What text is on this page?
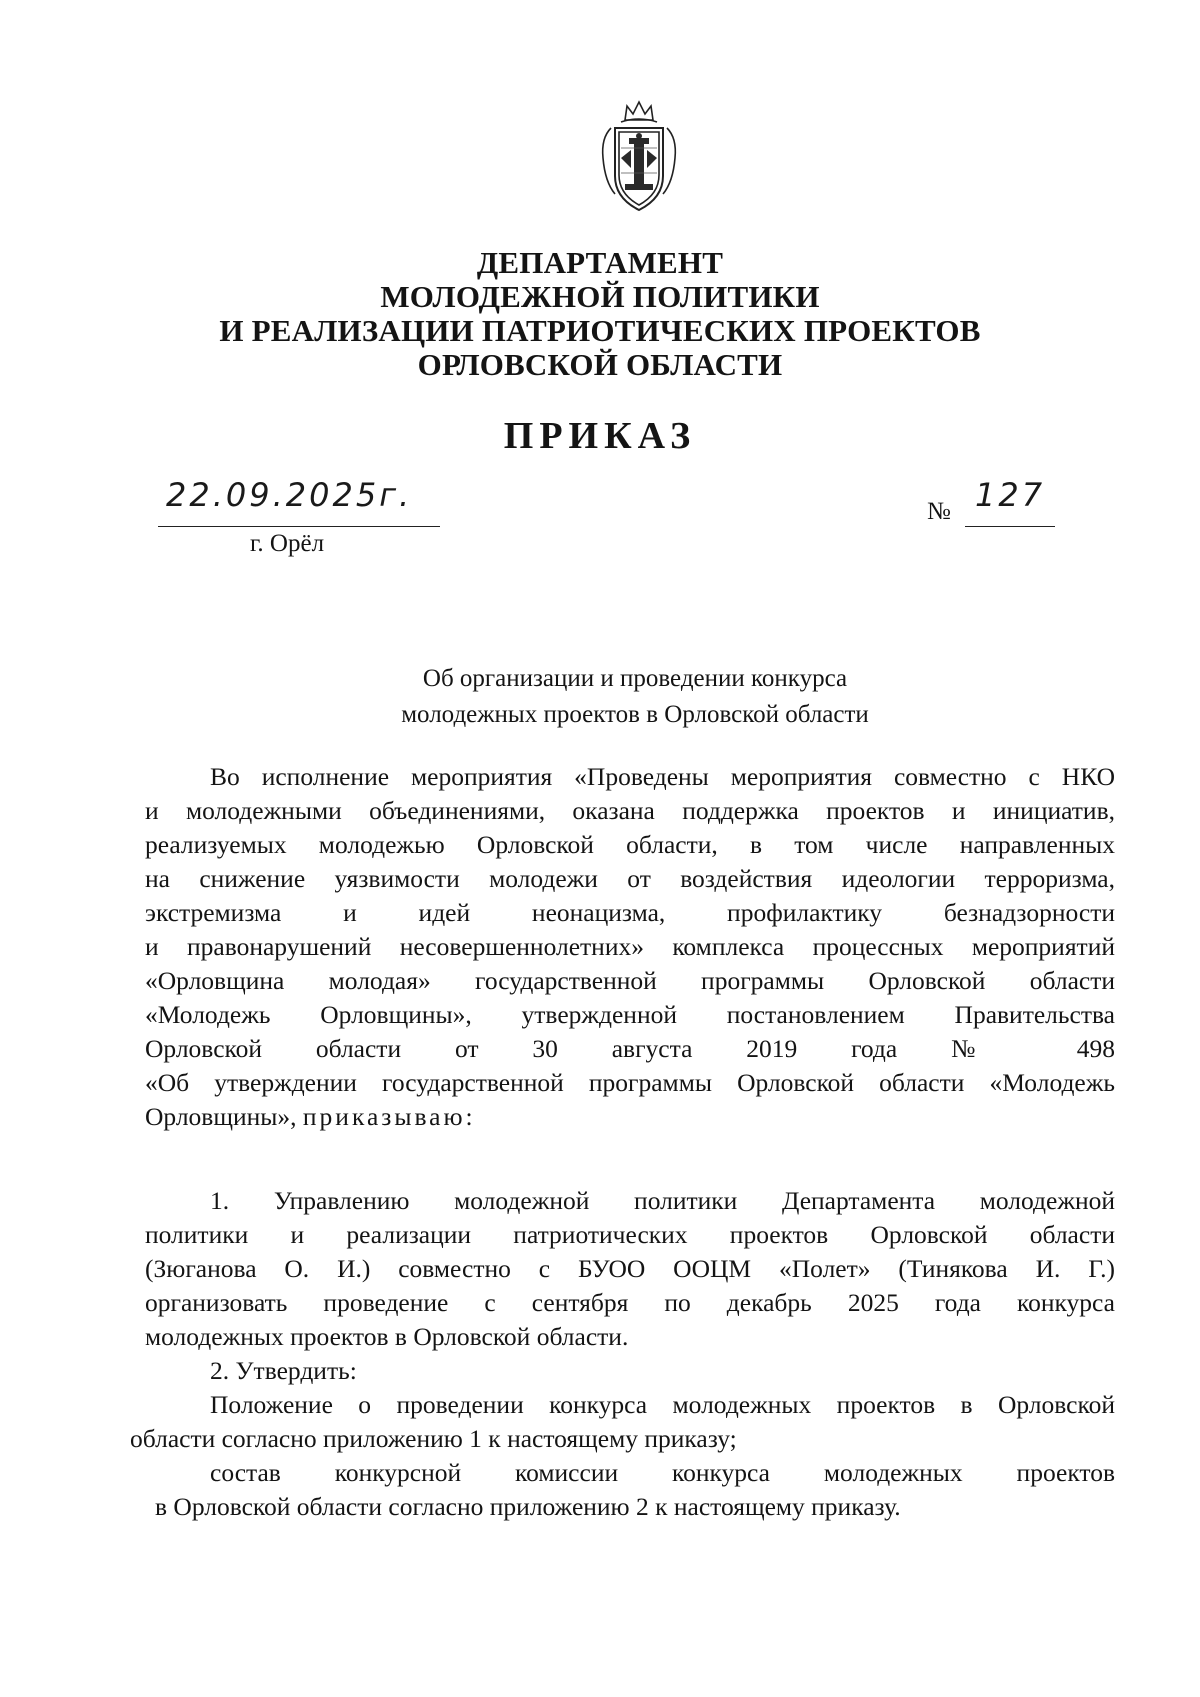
ДЕПАРТАМЕНТ
МОЛОДЕЖНОЙ ПОЛИТИКИ
И РЕАЛИЗАЦИИ ПАТРИОТИЧЕСКИХ ПРОЕКТОВ
ОРЛОВСКОЙ ОБЛАСТИ
ПРИКАЗ
22.09.2025г.
г. Орёл
№ 127
Об организации и проведении конкурса
молодежных проектов в Орловской области
Во исполнение мероприятия «Проведены мероприятия совместно с НКО
и молодежными объединениями, оказана поддержка проектов и инициатив,
реализуемых молодежью Орловской области, в том числе направленных
на снижение уязвимости молодежи от воздействия идеологии терроризма,
экстремизма и идей неонацизма, профилактику безнадзорности
и правонарушений несовершеннолетних» комплекса процессных мероприятий
«Орловщина молодая» государственной программы Орловской области
«Молодежь Орловщины», утвержденной постановлением Правительства
Орловской области от 30 августа 2019 года № 498
«Об утверждении государственной программы Орловской области «Молодежь
Орловщины», приказываю:
1. Управлению молодежной политики Департамента молодежной
политики и реализации патриотических проектов Орловской области
(Зюганова О. И.) совместно с БУОО ООЦМ «Полет» (Тинякова И. Г.)
организовать проведение с сентября по декабрь 2025 года конкурса
молодежных проектов в Орловской области.
2. Утвердить:
Положение о проведении конкурса молодежных проектов в Орловской
области согласно приложению 1 к настоящему приказу;
состав конкурсной комиссии конкурса молодежных проектов
в Орловской области согласно приложению 2 к настоящему приказу.
